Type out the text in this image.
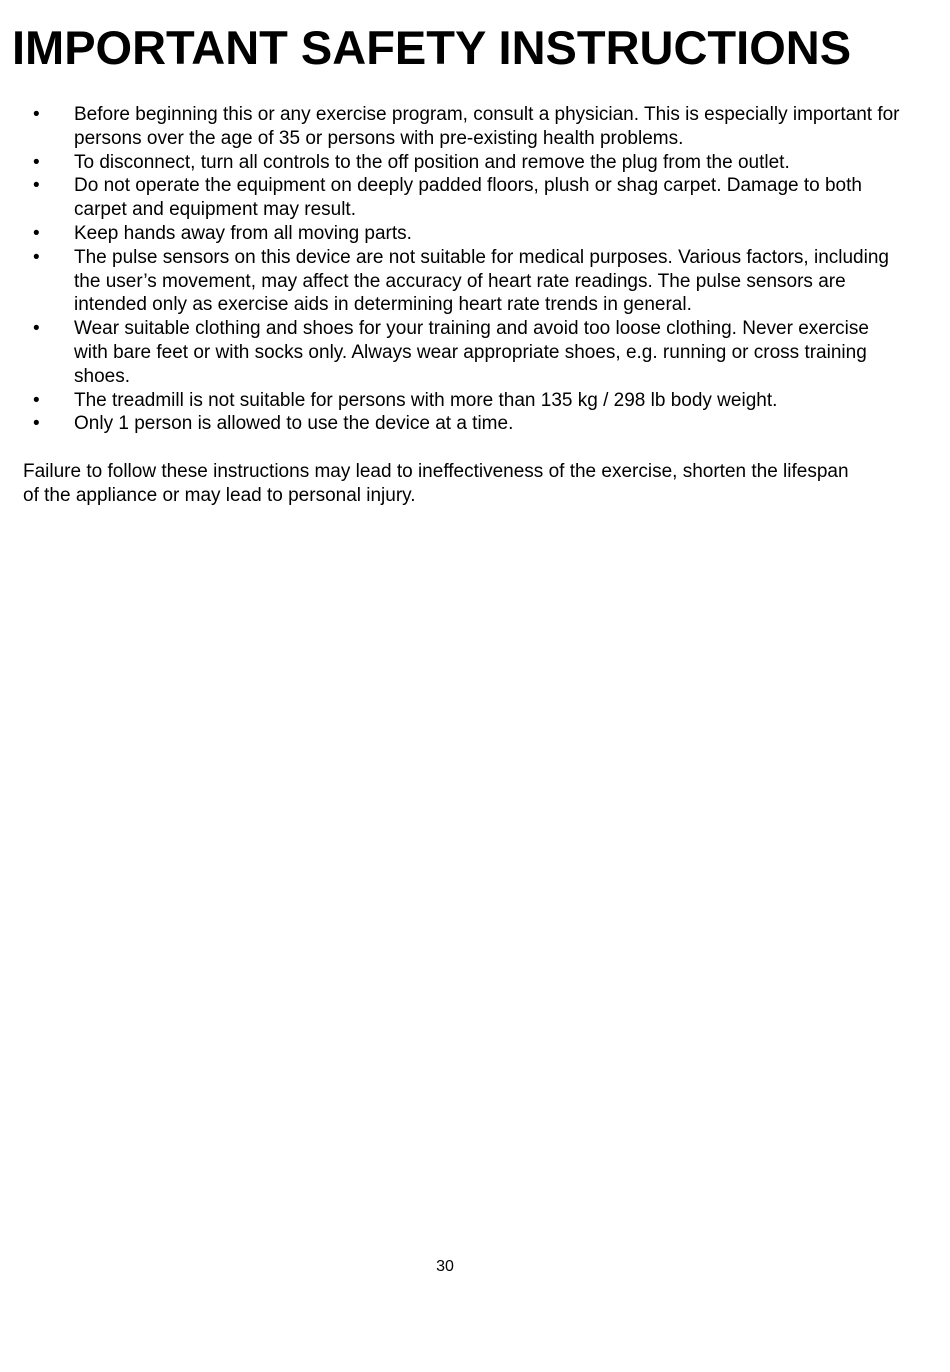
IMPORTANT SAFETY INSTRUCTIONS
• Before beginning this or any exercise program, consult a physician. This is especially important for persons over the age of 35 or persons with pre-existing health problems.
• To disconnect, turn all controls to the off position and remove the plug from the outlet.
• Do not operate the equipment on deeply padded floors, plush or shag carpet. Damage to both carpet and equipment may result.
• Keep hands away from all moving parts.
• The pulse sensors on this device are not suitable for medical purposes. Various factors, including the user’s movement, may affect the accuracy of heart rate readings. The pulse sensors are intended only as exercise aids in determining heart rate trends in general.
• Wear suitable clothing and shoes for your training and avoid too loose clothing. Never exercise with bare feet or with socks only. Always wear appropriate shoes, e.g. running or cross training shoes.
• The treadmill is not suitable for persons with more than 135 kg / 298 lb body weight.
• Only 1 person is allowed to use the device at a time.

Failure to follow these instructions may lead to ineffectiveness of the exercise, shorten the lifespan of the appliance or may lead to personal injury.

30
